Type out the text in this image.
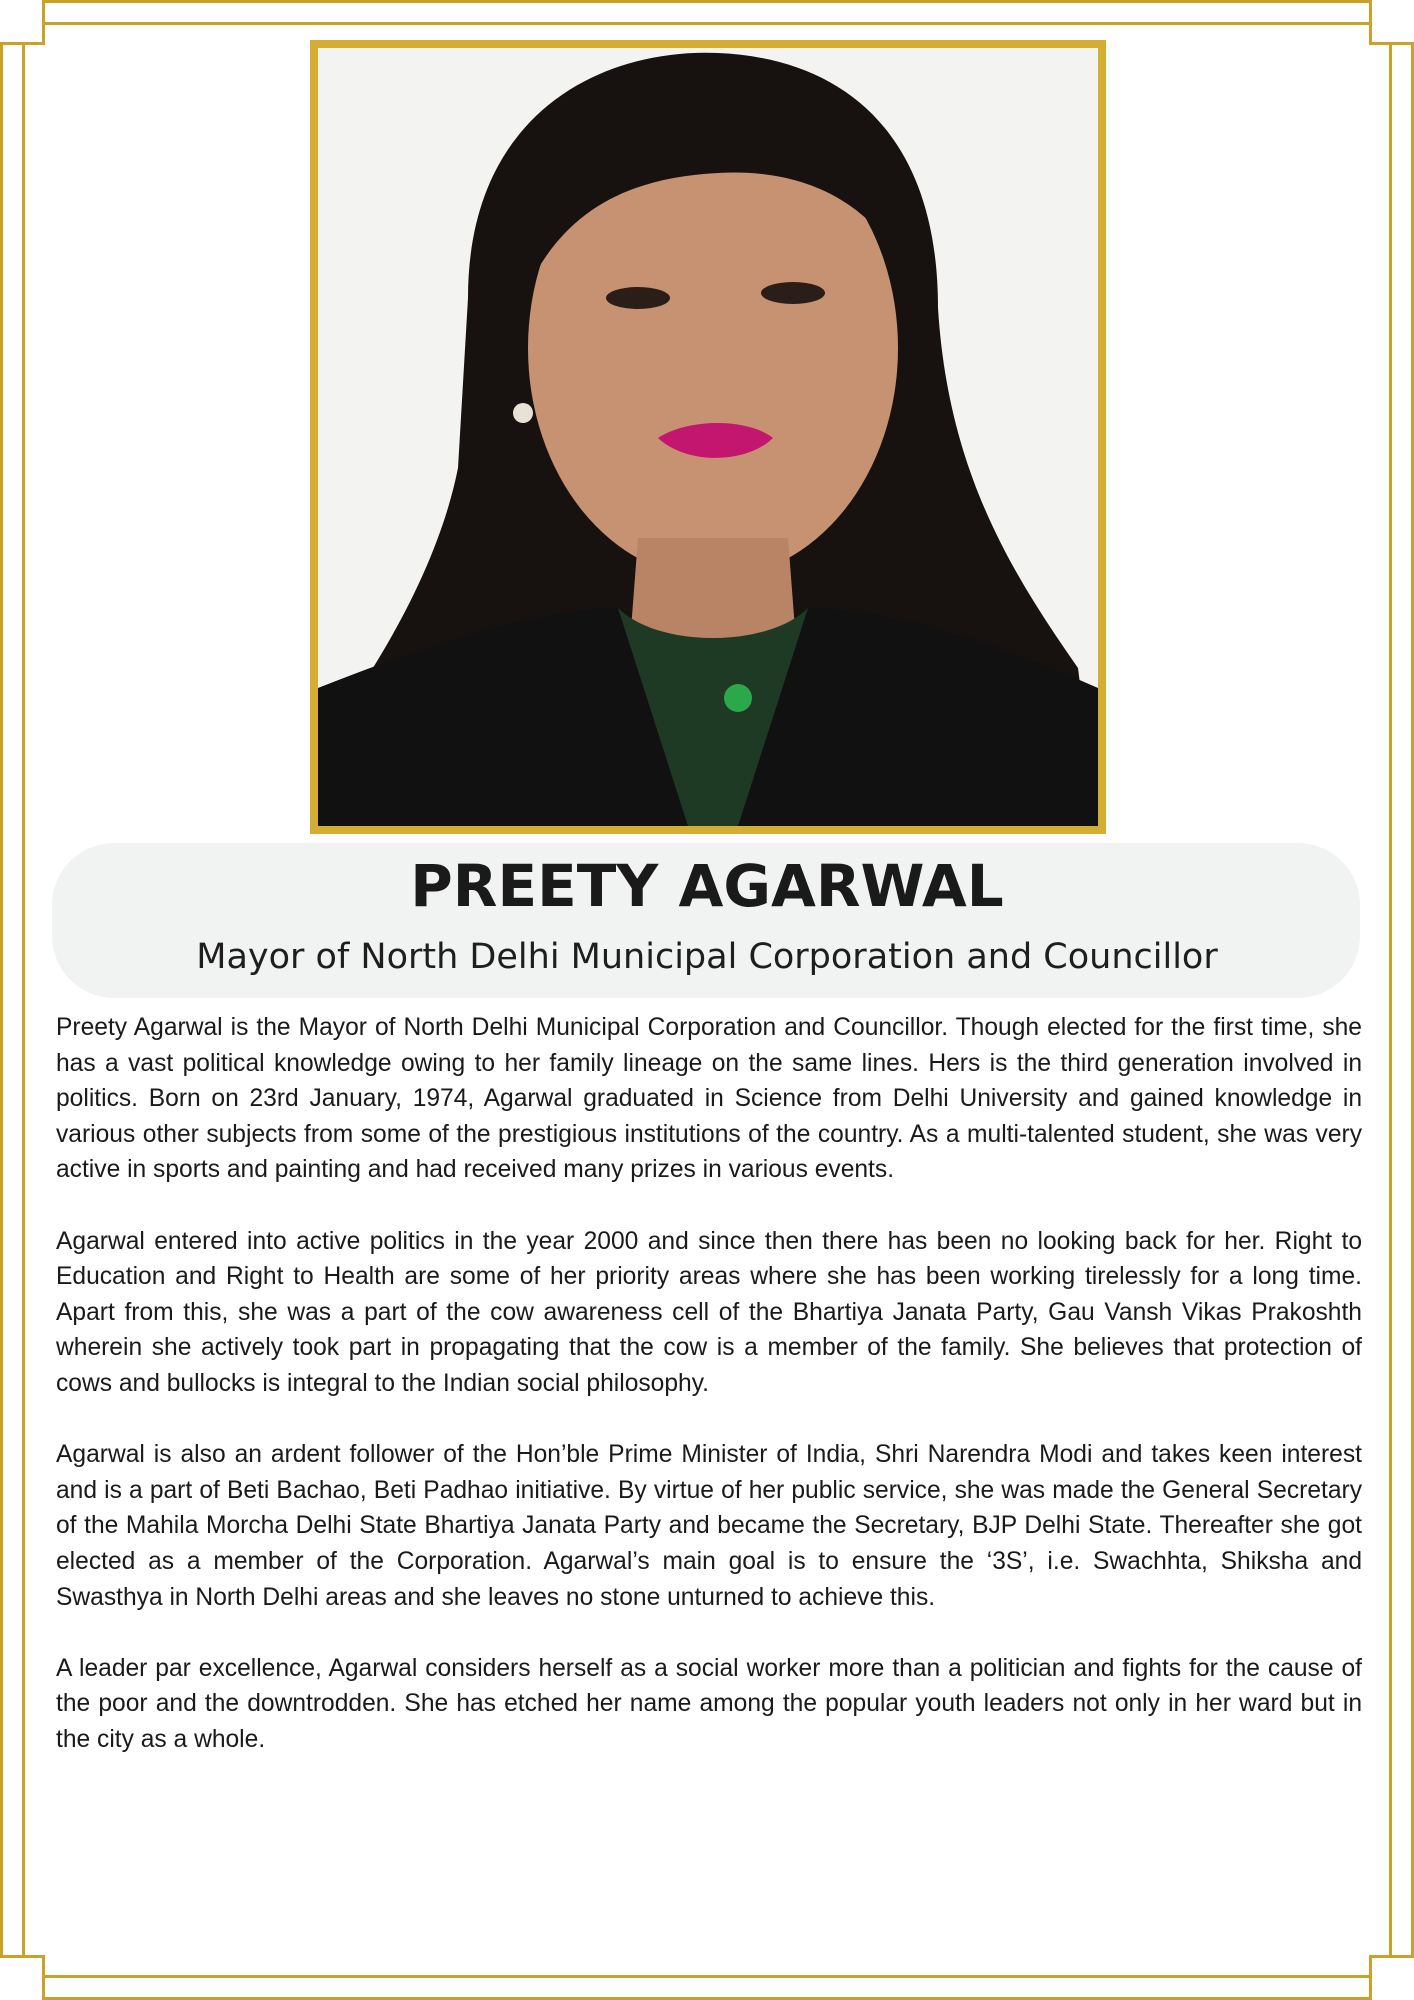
PREETY AGARWAL
Mayor of North Delhi Municipal Corporation and Councillor

Preety Agarwal is the Mayor of North Delhi Municipal Corporation and Councillor. Though elected for the first time, she has a vast political knowledge owing to her family lineage on the same lines. Hers is the third generation involved in politics. Born on 23rd January, 1974, Agarwal graduated in Science from Delhi University and gained knowledge in various other subjects from some of the prestigious institutions of the country. As a multi-talented student, she was very active in sports and painting and had received many prizes in various events.

Agarwal entered into active politics in the year 2000 and since then there has been no looking back for her. Right to Education and Right to Health are some of her priority areas where she has been working tirelessly for a long time. Apart from this, she was a part of the cow awareness cell of the Bhartiya Janata Party, Gau Vansh Vikas Prakoshth wherein she actively took part in propagating that the cow is a member of the family. She believes that protection of cows and bullocks is integral to the Indian social philosophy.

Agarwal is also an ardent follower of the Hon’ble Prime Minister of India, Shri Narendra Modi and takes keen interest and is a part of Beti Bachao, Beti Padhao initiative. By virtue of her public service, she was made the General Secretary of the Mahila Morcha Delhi State Bhartiya Janata Party and became the Secretary, BJP Delhi State. Thereafter she got elected as a member of the Corporation. Agarwal’s main goal is to ensure the ‘3S’, i.e. Swachhta, Shiksha and Swasthya in North Delhi areas and she leaves no stone unturned to achieve this.

A leader par excellence, Agarwal considers herself as a social worker more than a politician and fights for the cause of the poor and the downtrodden. She has etched her name among the popular youth leaders not only in her ward but in the city as a whole.
